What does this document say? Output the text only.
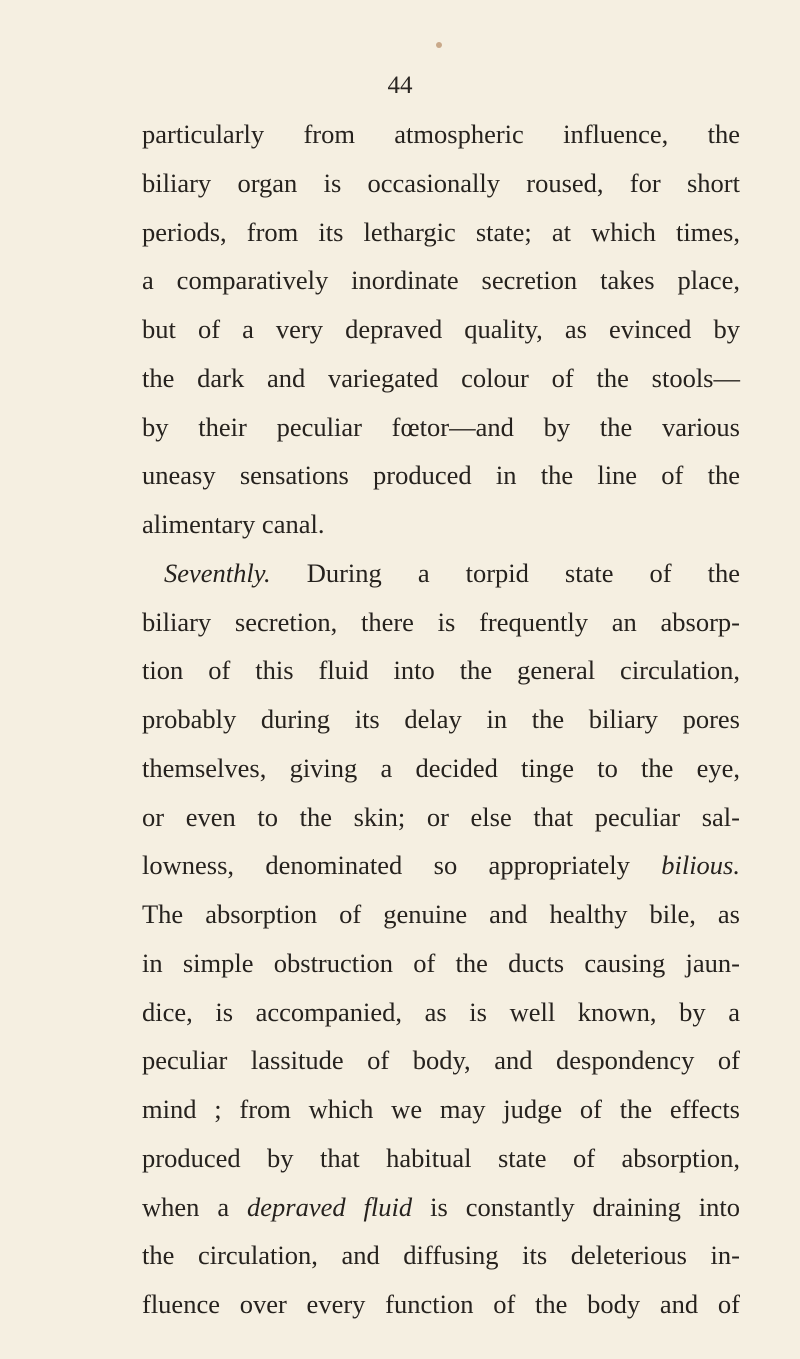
44
particularly from atmospheric influence, the
biliary organ is occasionally roused, for short
periods, from its lethargic state; at which times,
a comparatively inordinate secretion takes place,
but of a very depraved quality, as evinced by
the dark and variegated colour of the stools—
by their peculiar fœtor—and by the various
uneasy sensations produced in the line of the
alimentary canal.
Seventhly. During a torpid state of the
biliary secretion, there is frequently an absorp-
tion of this fluid into the general circulation,
probably during its delay in the biliary pores
themselves, giving a decided tinge to the eye,
or even to the skin; or else that peculiar sal-
lowness, denominated so appropriately bilious.
The absorption of genuine and healthy bile, as
in simple obstruction of the ducts causing jaun-
dice, is accompanied, as is well known, by a
peculiar lassitude of body, and despondency of
mind ; from which we may judge of the effects
produced by that habitual state of absorption,
when a depraved fluid is constantly draining into
the circulation, and diffusing its deleterious in-
fluence over every function of the body and of
